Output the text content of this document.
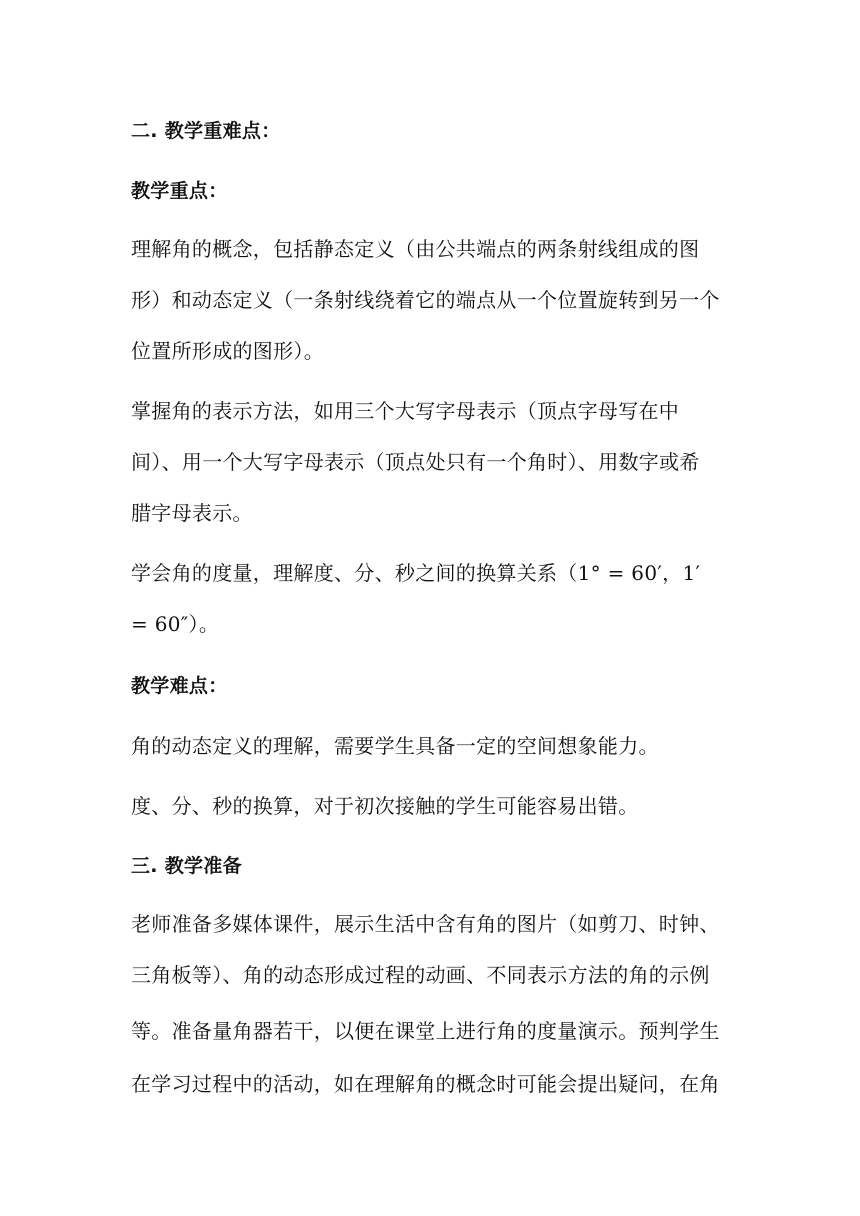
二. 教学重难点：
教学重点：
理解角的概念，包括静态定义（由公共端点的两条射线组成的图
形）和动态定义（一条射线绕着它的端点从一个位置旋转到另一个
位置所形成的图形）。
掌握角的表示方法，如用三个大写字母表示（顶点字母写在中
间）、用一个大写字母表示（顶点处只有一个角时）、用数字或希
腊字母表示。
学会角的度量，理解度、分、秒之间的换算关系（1° = 60′，1′
= 60″）。
教学难点：
角的动态定义的理解，需要学生具备一定的空间想象能力。
度、分、秒的换算，对于初次接触的学生可能容易出错。
三. 教学准备
老师准备多媒体课件，展示生活中含有角的图片（如剪刀、时钟、
三角板等）、角的动态形成过程的动画、不同表示方法的角的示例
等。准备量角器若干，以便在课堂上进行角的度量演示。预判学生
在学习过程中的活动，如在理解角的概念时可能会提出疑问，在角
